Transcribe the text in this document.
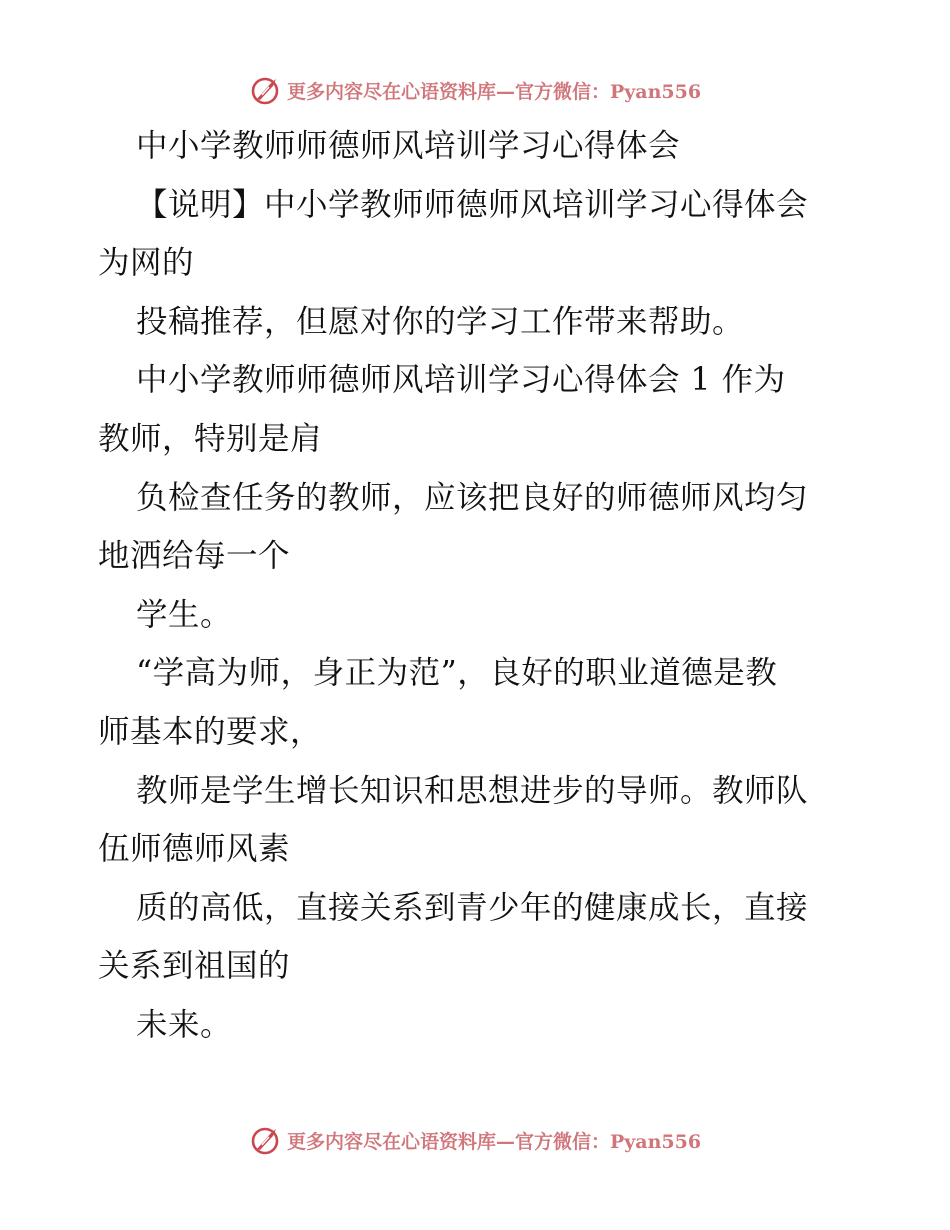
更多内容尽在心语资料库—官方微信：Pyan556
中小学教师师德师风培训学习心得体会
【说明】中小学教师师德师风培训学习心得体会
为网的
投稿推荐，但愿对你的学习工作带来帮助。
中小学教师师德师风培训学习心得体会 1 作为
教师，特别是肩
负检查任务的教师，应该把良好的师德师风均匀
地洒给每一个
学生。
“学高为师，身正为范”，良好的职业道德是教
师基本的要求，
教师是学生增长知识和思想进步的导师。教师队
伍师德师风素
质的高低，直接关系到青少年的健康成长，直接
关系到祖国的
未来。
更多内容尽在心语资料库—官方微信：Pyan556
